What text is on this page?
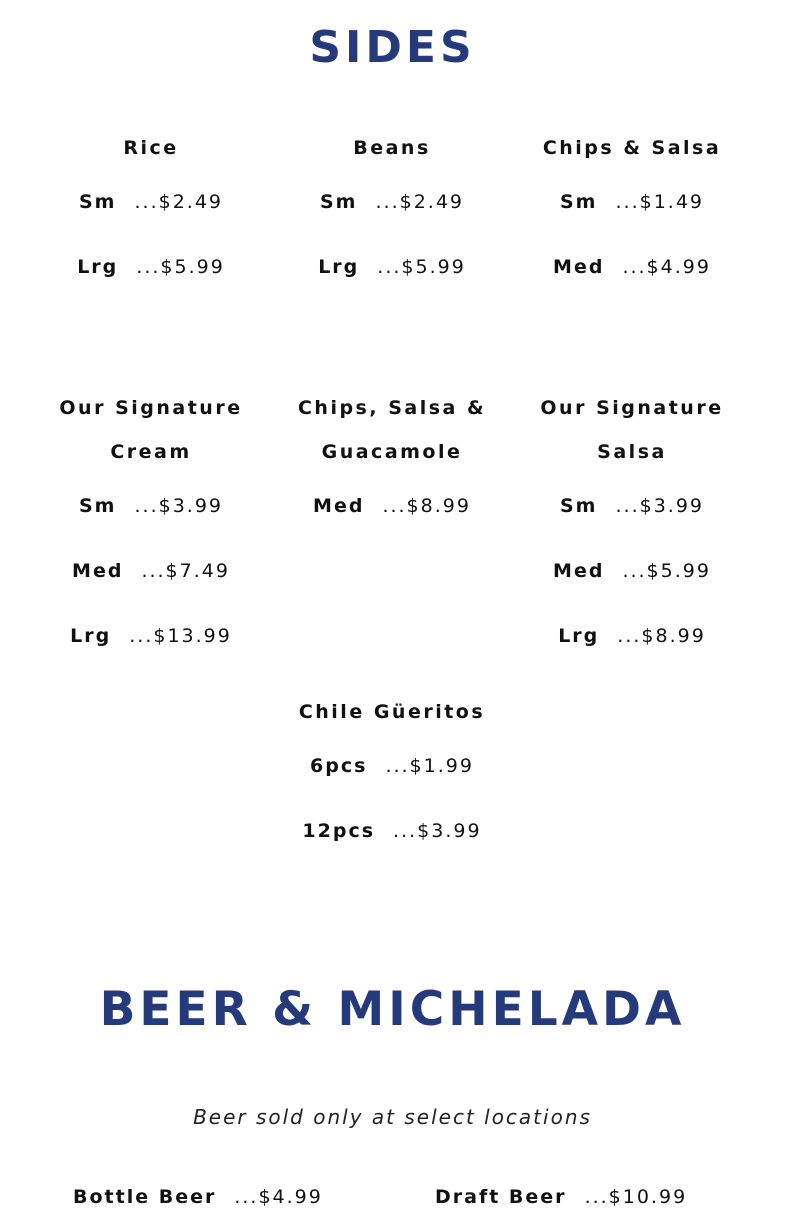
SIDES
Rice
Sm ...$2.49
Lrg ...$5.99
Beans
Sm ...$2.49
Lrg ...$5.99
Chips & Salsa
Sm ...$1.49
Med ...$4.99
Our Signature
Cream
Sm ...$3.99
Med ...$7.49
Lrg ...$13.99
Chips, Salsa &
Guacamole
Med ...$8.99
Our Signature
Salsa
Sm ...$3.99
Med ...$5.99
Lrg ...$8.99
Chile Güeritos
6pcs ...$1.99
12pcs ...$3.99
BEER & MICHELADA
Beer sold only at select locations
Bottle Beer ...$4.99	Draft Beer ...$10.99
